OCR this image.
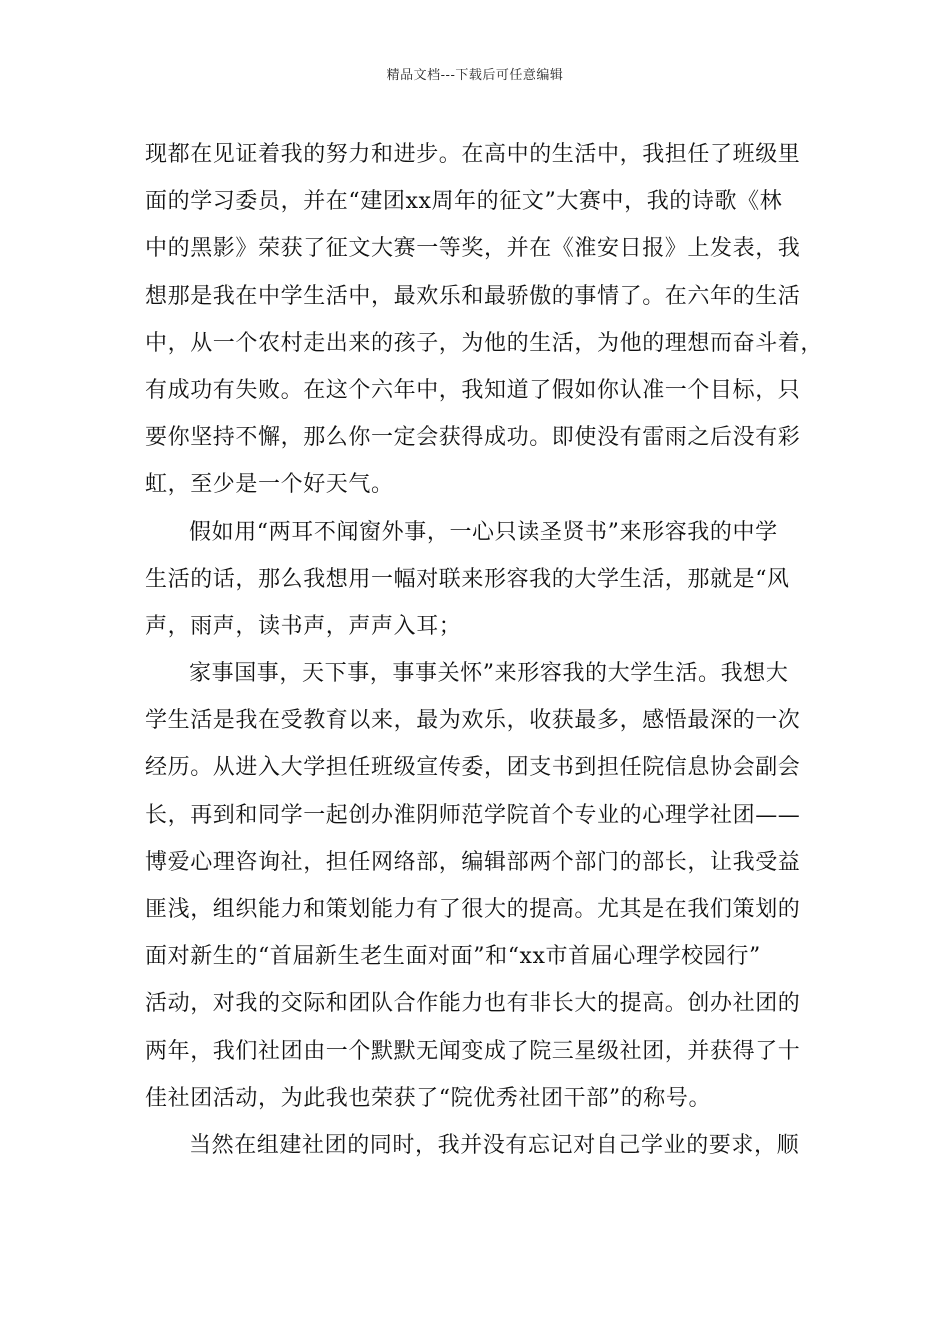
精品文档---下载后可任意编辑
现都在见证着我的努力和进步。在高中的生活中，我担任了班级里
面的学习委员，并在“建团xx周年的征文”大赛中，我的诗歌《林
中的黑影》荣获了征文大赛一等奖，并在《淮安日报》上发表，我
想那是我在中学生活中，最欢乐和最骄傲的事情了。在六年的生活
中，从一个农村走出来的孩子，为他的生活，为他的理想而奋斗着，
有成功有失败。在这个六年中，我知道了假如你认准一个目标，只
要你坚持不懈，那么你一定会获得成功。即使没有雷雨之后没有彩
虹，至少是一个好天气。
假如用“两耳不闻窗外事，一心只读圣贤书”来形容我的中学
生活的话，那么我想用一幅对联来形容我的大学生活，那就是“风
声，雨声，读书声，声声入耳；
家事国事，天下事，事事关怀”来形容我的大学生活。我想大
学生活是我在受教育以来，最为欢乐，收获最多，感悟最深的一次
经历。从进入大学担任班级宣传委，团支书到担任院信息协会副会
长，再到和同学一起创办淮阴师范学院首个专业的心理学社团——
博爱心理咨询社，担任网络部，编辑部两个部门的部长，让我受益
匪浅，组织能力和策划能力有了很大的提高。尤其是在我们策划的
面对新生的“首届新生老生面对面”和“xx市首届心理学校园行”
活动，对我的交际和团队合作能力也有非长大的提高。创办社团的
两年，我们社团由一个默默无闻变成了院三星级社团，并获得了十
佳社团活动，为此我也荣获了“院优秀社团干部”的称号。
当然在组建社团的同时，我并没有忘记对自己学业的要求，顺
